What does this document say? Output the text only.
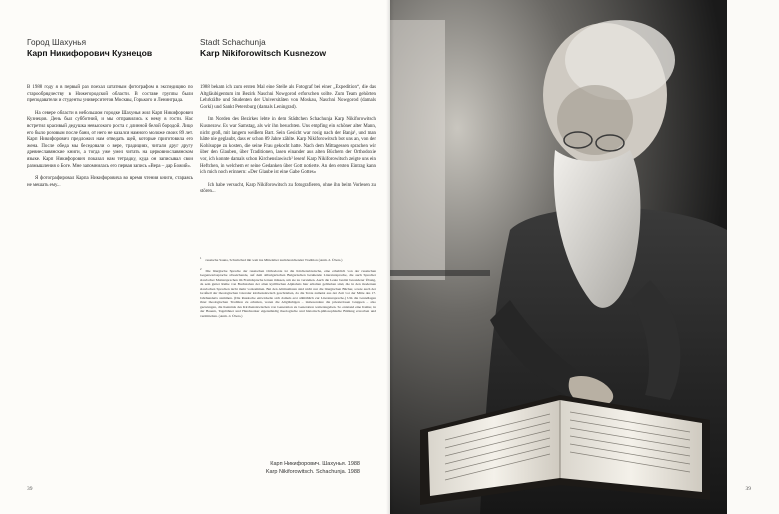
Город Шахунья
Карп Никифорович Кузнецов

В 1988 году я в первый раз поехал штатным фотографом в экспедицию по старообрядчеству в Нижегородской области. В составе группы были преподаватели и студенты университетов Москвы, Горького и Ленинграда.

На севере области в небольшом городке Шахунья жил Карп Никифорович Кузнецов. День был субботний, и мы отправились к нему в гости. Нас встретил красивый дедушка невысокого роста с длинной белой бородой. Лицо его было розовым после бани, от него не казался намного моложе своих 89 лет. Карп Никифорович предложил нам отведать щей, которые приготовила его жена. После обеда мы беседовали о вере, традициях, читали друг другу древнеславянские книги, а тогда уже умел читать на церковнославянском языке. Карп Никифорович показал нам тетрадку, куда он записывал свои размышления о Боге. Мне запомнилась его первая запись «Вера – дар Божий».

Я фотографировал Карпа Никифоровича во время чтения книги, стараясь не мешать ему...

Stadt Schachunja
Karp Nikiforowitsch Kusnezow

1988 bekam ich zum ersten Mal eine Stelle als Fotograf bei einer „Expedition“, die das Altgläubigentum im Bezirk Naschni Nowgorod erforschen sollte. Zum Team gehörten Lehrkräfte und Studenten der Universitäten von Moskau, Naschni Nowgorod (damals Gorki) und Sankt Petersburg (damals Leningrad).

Im Norden des Bezirkes lebte in dem Städtchen Schachunja Karp Nikiforowitsch Kusnezow. Es war Samstag, als wir ihn besuchten. Uns empfing ein schöner alter Mann, nicht groß, mit langem weißem Bart. Sein Gesicht war rosig nach der Banja¹, und man hätte nie geglaubt, dass er schon 89 Jahre zählte. Karp Nikiforowitsch bot uns an, von der Kohlsuppe zu kosten, die seine Frau gekocht hatte. Nach dem Mittagessen sprachen wir über den Glauben, über Traditionen, lasen einander aus alten Büchern der Orthodoxie vor, ich konnte damals schon Kirchenslawisch² lesen! Karp Nikiforowitsch zeigte uns ein Heftchen, in welchem er seine Gedanken über Gott notierte. An den ersten Eintrag kann ich mich noch erinnern: »Der Glaube ist eine Gabe Gottes«

Ich habe versucht, Karp Nikiforowitsch zu fotografieren, ohne ihn beim Vorlesen zu stören...

1russische Sauna, Schwitzbad mit weit ins Mittelalter zurückreichender Tradition (Anm. d. Übers.)

2Die liturgische Sprache der russischen Orthodoxie ist die Kirchenslawische, eine erheblich von der russischen Gegenwartssprache abweichende, auf dem altbulgarischen Bulgarischen beruhende Literatursprache, die auch Sprecher slawischer Muttersprachen im Fremdsprache lernen müssen, um sie zu verstehen. Auch die Leute besitzt besonderer Übung, da sein gutter Reihe von Buchstaben der alten kyrillischen Alphabets hier erhalten geblieben sind, die in den modernen slawischen Sprachen nicht mehr vorkommen. Bei den Altritualisten sind nicht nur die liturgischen Bücher, sowie auch der Großteil der theologischen Literatur kirchenslawisch geschrieben, da die Texte zumeist aus der Zeit vor der Mitte des 17. Jahrhunderts stammen. (Die Russische entwickelte sich damals erst allmählich zur Literatursprache.) Um die Grundlagen ihrer theologischen Tradition zu erhalten, waren die Altgläubigen – insbesondere die priesterlosen Gruppen – also gezwungen, die Kenntnis des Kirchenslawischen von Generation zu Generation weiterzugeben. So entstand eine Kultur, in der Bauern, Tagelöhner und Handwerker eigenständig theologische und historisch-philosophische Bildung erworben und vermittelten. (Anm. d. Übers.)

Карп Никифорович. Шахунья. 1988
Karp Nikiforowitsch. Schachunja. 1988
39	39
